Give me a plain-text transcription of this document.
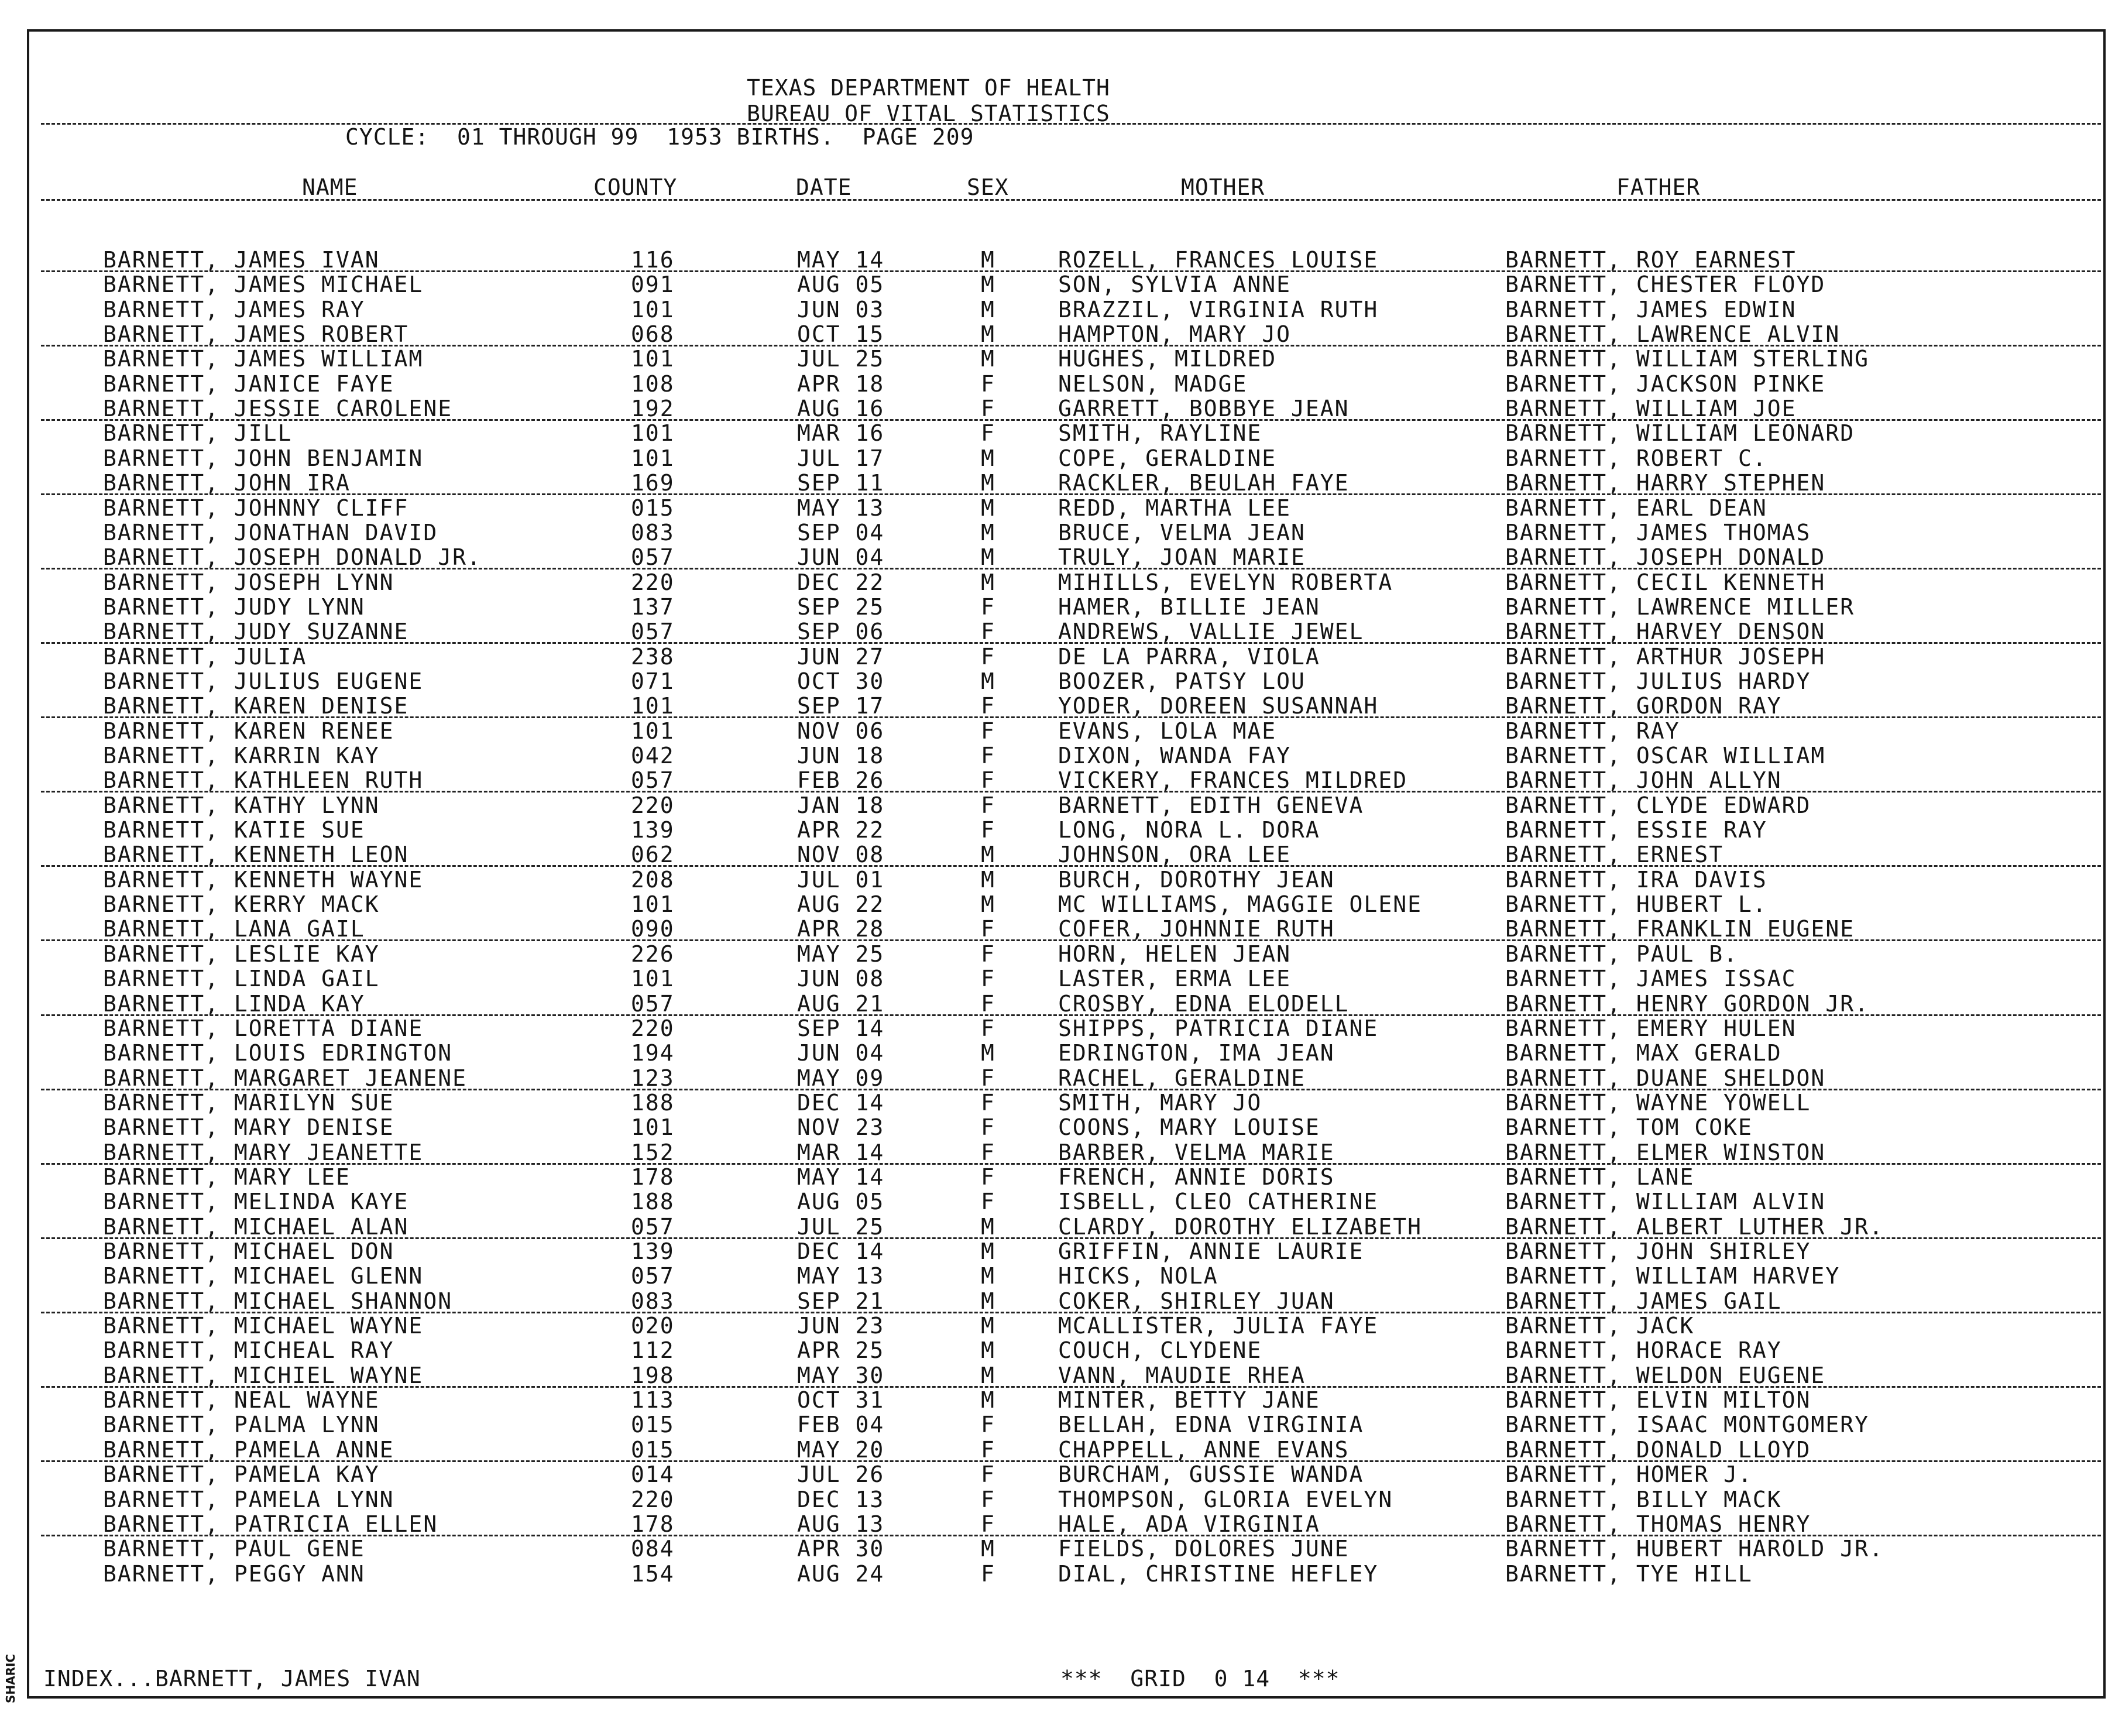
TEXAS DEPARTMENT OF HEALTH
BUREAU OF VITAL STATISTICS
CYCLE:  01 THROUGH 99  1953 BIRTHS.  PAGE 209
NAME	COUNTY	DATE	SEX	MOTHER	FATHER
BARNETT, JAMES IVAN	116	MAY 14	M	ROZELL, FRANCES LOUISE	BARNETT, ROY EARNEST
BARNETT, JAMES MICHAEL	091	AUG 05	M	SON, SYLVIA ANNE	BARNETT, CHESTER FLOYD
BARNETT, JAMES RAY	101	JUN 03	M	BRAZZIL, VIRGINIA RUTH	BARNETT, JAMES EDWIN
BARNETT, JAMES ROBERT	068	OCT 15	M	HAMPTON, MARY JO	BARNETT, LAWRENCE ALVIN
BARNETT, JAMES WILLIAM	101	JUL 25	M	HUGHES, MILDRED	BARNETT, WILLIAM STERLING
BARNETT, JANICE FAYE	108	APR 18	F	NELSON, MADGE	BARNETT, JACKSON PINKE
BARNETT, JESSIE CAROLENE	192	AUG 16	F	GARRETT, BOBBYE JEAN	BARNETT, WILLIAM JOE
BARNETT, JILL	101	MAR 16	F	SMITH, RAYLINE	BARNETT, WILLIAM LEONARD
BARNETT, JOHN BENJAMIN	101	JUL 17	M	COPE, GERALDINE	BARNETT, ROBERT C.
BARNETT, JOHN IRA	169	SEP 11	M	RACKLER, BEULAH FAYE	BARNETT, HARRY STEPHEN
BARNETT, JOHNNY CLIFF	015	MAY 13	M	REDD, MARTHA LEE	BARNETT, EARL DEAN
BARNETT, JONATHAN DAVID	083	SEP 04	M	BRUCE, VELMA JEAN	BARNETT, JAMES THOMAS
BARNETT, JOSEPH DONALD JR.	057	JUN 04	M	TRULY, JOAN MARIE	BARNETT, JOSEPH DONALD
BARNETT, JOSEPH LYNN	220	DEC 22	M	MIHILLS, EVELYN ROBERTA	BARNETT, CECIL KENNETH
BARNETT, JUDY LYNN	137	SEP 25	F	HAMER, BILLIE JEAN	BARNETT, LAWRENCE MILLER
BARNETT, JUDY SUZANNE	057	SEP 06	F	ANDREWS, VALLIE JEWEL	BARNETT, HARVEY DENSON
BARNETT, JULIA	238	JUN 27	F	DE LA PARRA, VIOLA	BARNETT, ARTHUR JOSEPH
BARNETT, JULIUS EUGENE	071	OCT 30	M	BOOZER, PATSY LOU	BARNETT, JULIUS HARDY
BARNETT, KAREN DENISE	101	SEP 17	F	YODER, DOREEN SUSANNAH	BARNETT, GORDON RAY
BARNETT, KAREN RENEE	101	NOV 06	F	EVANS, LOLA MAE	BARNETT, RAY
BARNETT, KARRIN KAY	042	JUN 18	F	DIXON, WANDA FAY	BARNETT, OSCAR WILLIAM
BARNETT, KATHLEEN RUTH	057	FEB 26	F	VICKERY, FRANCES MILDRED	BARNETT, JOHN ALLYN
BARNETT, KATHY LYNN	220	JAN 18	F	BARNETT, EDITH GENEVA	BARNETT, CLYDE EDWARD
BARNETT, KATIE SUE	139	APR 22	F	LONG, NORA L. DORA	BARNETT, ESSIE RAY
BARNETT, KENNETH LEON	062	NOV 08	M	JOHNSON, ORA LEE	BARNETT, ERNEST
BARNETT, KENNETH WAYNE	208	JUL 01	M	BURCH, DOROTHY JEAN	BARNETT, IRA DAVIS
BARNETT, KERRY MACK	101	AUG 22	M	MC WILLIAMS, MAGGIE OLENE	BARNETT, HUBERT L.
BARNETT, LANA GAIL	090	APR 28	F	COFER, JOHNNIE RUTH	BARNETT, FRANKLIN EUGENE
BARNETT, LESLIE KAY	226	MAY 25	F	HORN, HELEN JEAN	BARNETT, PAUL B.
BARNETT, LINDA GAIL	101	JUN 08	F	LASTER, ERMA LEE	BARNETT, JAMES ISSAC
BARNETT, LINDA KAY	057	AUG 21	F	CROSBY, EDNA ELODELL	BARNETT, HENRY GORDON JR.
BARNETT, LORETTA DIANE	220	SEP 14	F	SHIPPS, PATRICIA DIANE	BARNETT, EMERY HULEN
BARNETT, LOUIS EDRINGTON	194	JUN 04	M	EDRINGTON, IMA JEAN	BARNETT, MAX GERALD
BARNETT, MARGARET JEANENE	123	MAY 09	F	RACHEL, GERALDINE	BARNETT, DUANE SHELDON
BARNETT, MARILYN SUE	188	DEC 14	F	SMITH, MARY JO	BARNETT, WAYNE YOWELL
BARNETT, MARY DENISE	101	NOV 23	F	COONS, MARY LOUISE	BARNETT, TOM COKE
BARNETT, MARY JEANETTE	152	MAR 14	F	BARBER, VELMA MARIE	BARNETT, ELMER WINSTON
BARNETT, MARY LEE	178	MAY 14	F	FRENCH, ANNIE DORIS	BARNETT, LANE
BARNETT, MELINDA KAYE	188	AUG 05	F	ISBELL, CLEO CATHERINE	BARNETT, WILLIAM ALVIN
BARNETT, MICHAEL ALAN	057	JUL 25	M	CLARDY, DOROTHY ELIZABETH	BARNETT, ALBERT LUTHER JR.
BARNETT, MICHAEL DON	139	DEC 14	M	GRIFFIN, ANNIE LAURIE	BARNETT, JOHN SHIRLEY
BARNETT, MICHAEL GLENN	057	MAY 13	M	HICKS, NOLA	BARNETT, WILLIAM HARVEY
BARNETT, MICHAEL SHANNON	083	SEP 21	M	COKER, SHIRLEY JUAN	BARNETT, JAMES GAIL
BARNETT, MICHAEL WAYNE	020	JUN 23	M	MCALLISTER, JULIA FAYE	BARNETT, JACK
BARNETT, MICHEAL RAY	112	APR 25	M	COUCH, CLYDENE	BARNETT, HORACE RAY
BARNETT, MICHIEL WAYNE	198	MAY 30	M	VANN, MAUDIE RHEA	BARNETT, WELDON EUGENE
BARNETT, NEAL WAYNE	113	OCT 31	M	MINTER, BETTY JANE	BARNETT, ELVIN MILTON
BARNETT, PALMA LYNN	015	FEB 04	F	BELLAH, EDNA VIRGINIA	BARNETT, ISAAC MONTGOMERY
BARNETT, PAMELA ANNE	015	MAY 20	F	CHAPPELL, ANNE EVANS	BARNETT, DONALD LLOYD
BARNETT, PAMELA KAY	014	JUL 26	F	BURCHAM, GUSSIE WANDA	BARNETT, HOMER J.
BARNETT, PAMELA LYNN	220	DEC 13	F	THOMPSON, GLORIA EVELYN	BARNETT, BILLY MACK
BARNETT, PATRICIA ELLEN	178	AUG 13	F	HALE, ADA VIRGINIA	BARNETT, THOMAS HENRY
BARNETT, PAUL GENE	084	APR 30	M	FIELDS, DOLORES JUNE	BARNETT, HUBERT HAROLD JR.
BARNETT, PEGGY ANN	154	AUG 24	F	DIAL, CHRISTINE HEFLEY	BARNETT, TYE HILL
INDEX...BARNETT, JAMES IVAN	***  GRID  0 14  ***
SHARIC
